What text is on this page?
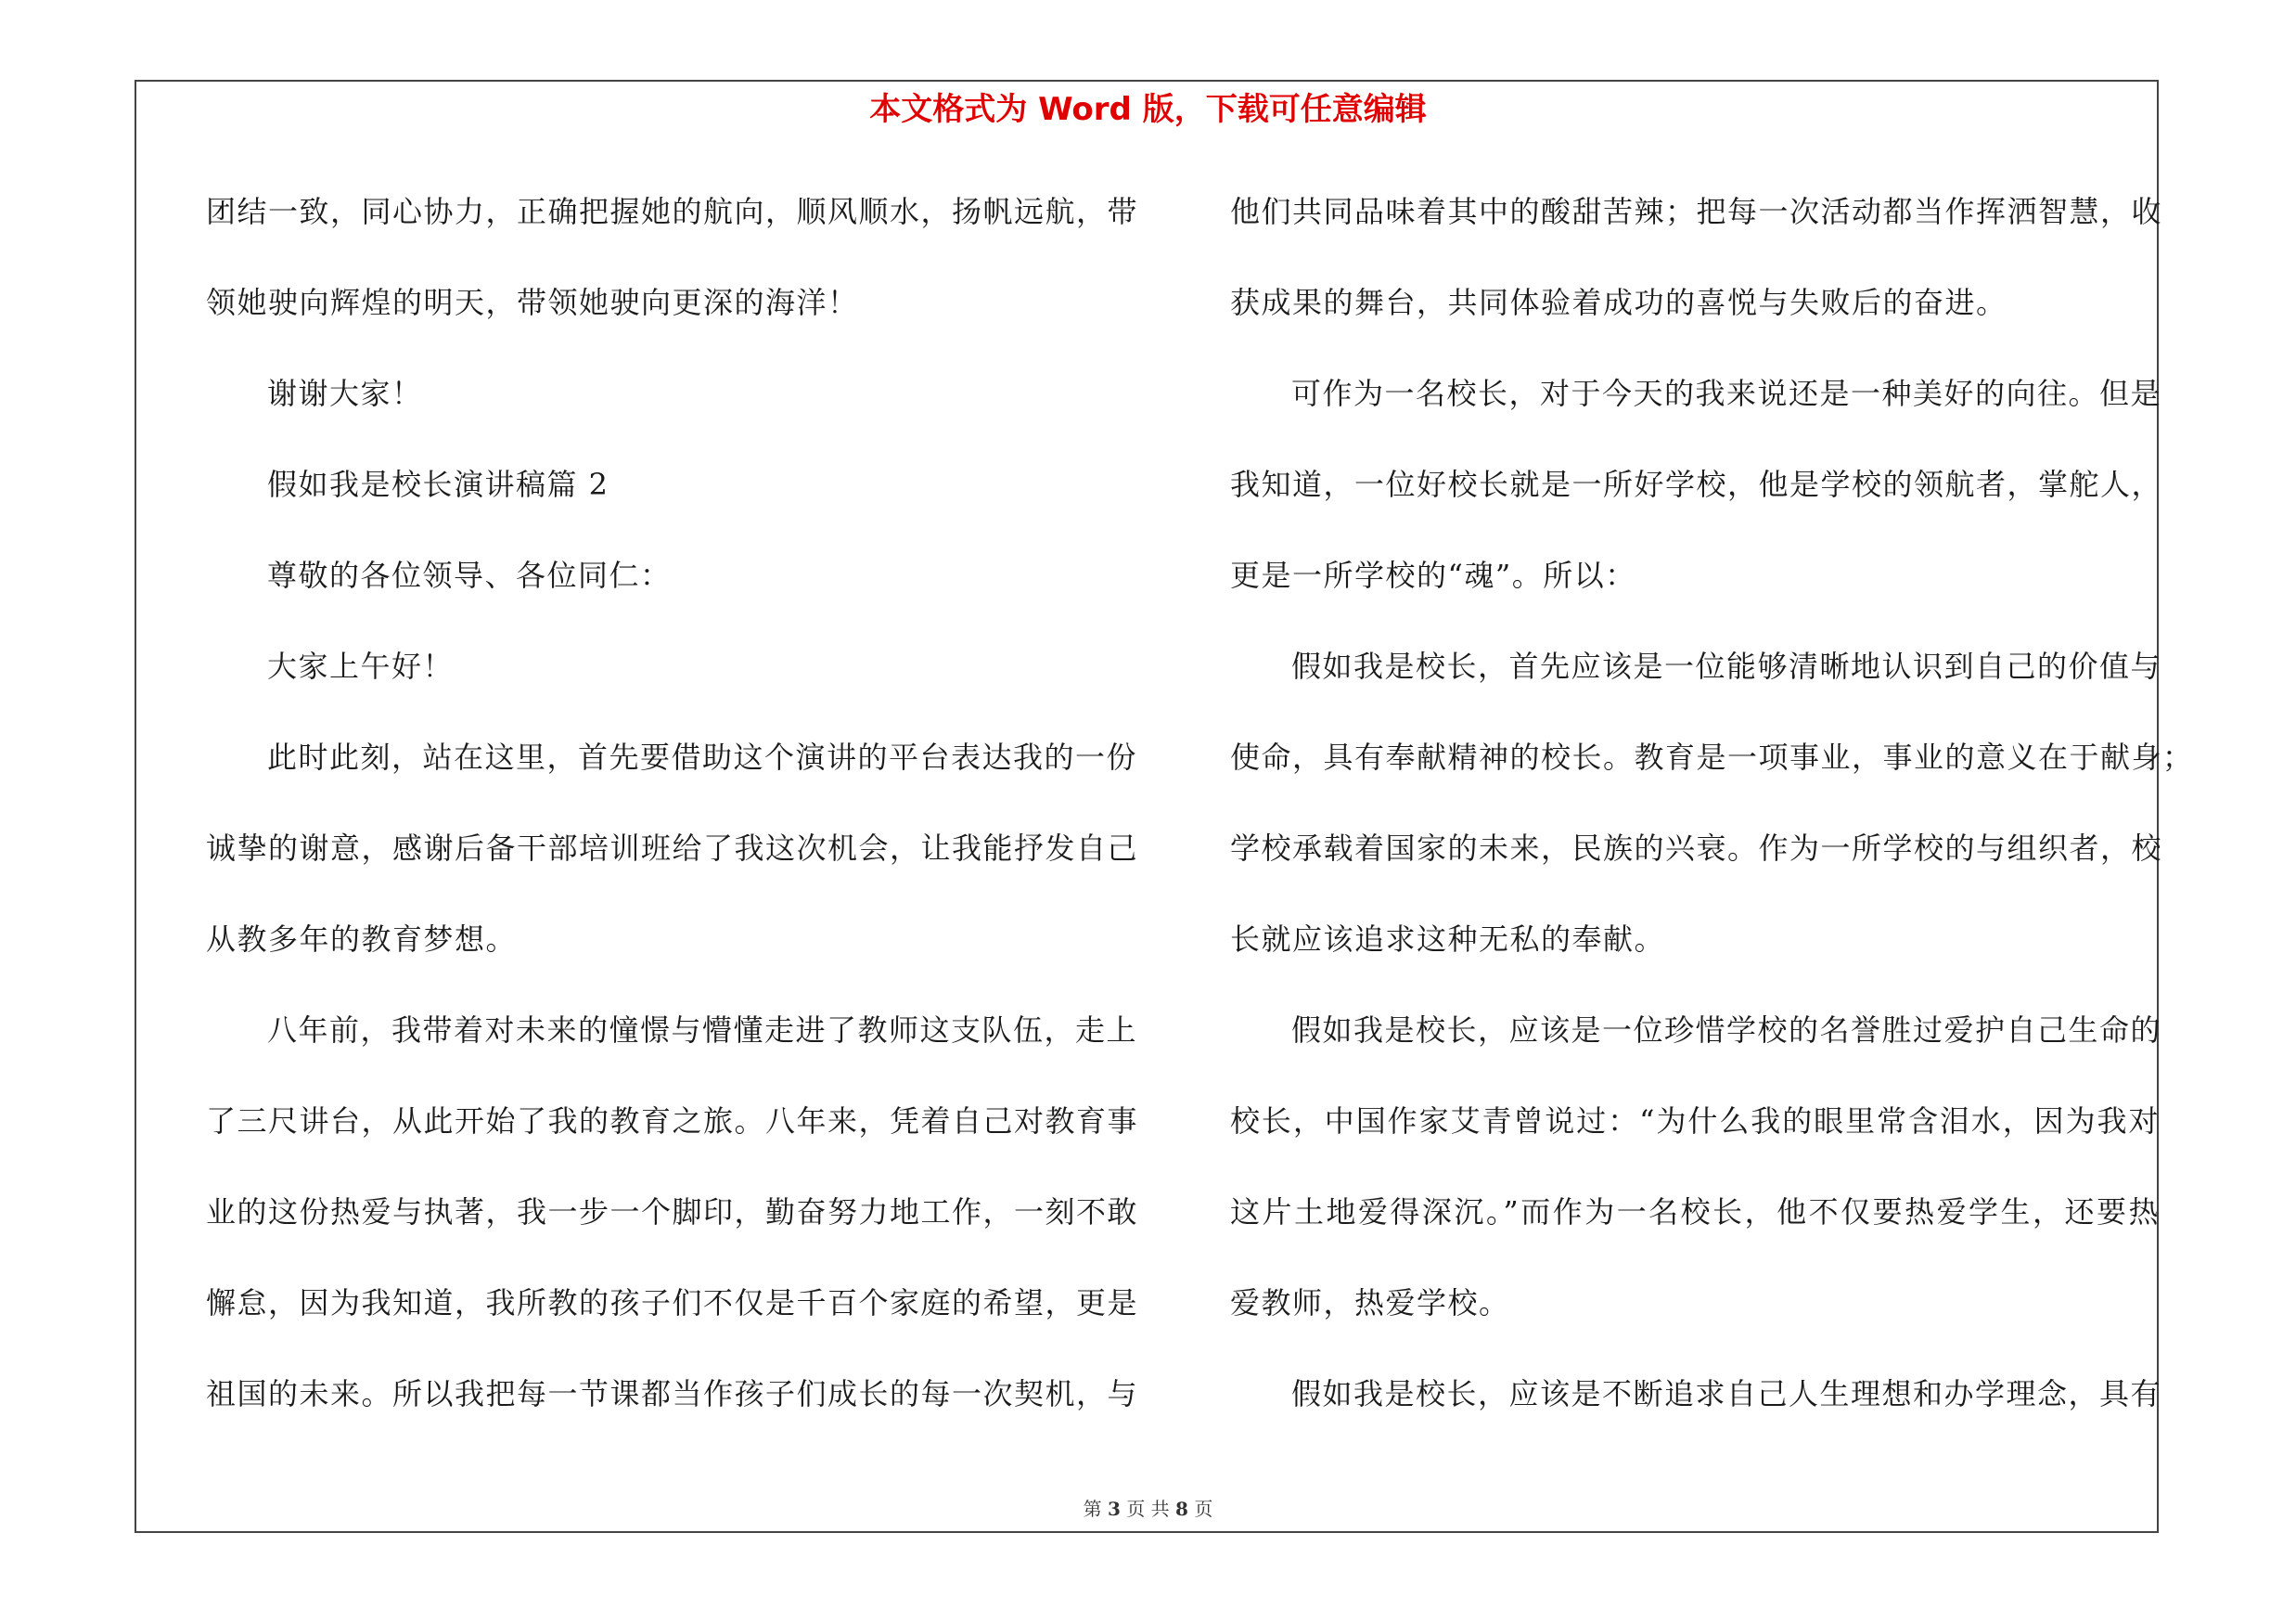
本文格式为 Word 版，下载可任意编辑
团结一致，同心协力，正确把握她的航向，顺风顺水，扬帆远航，带
领她驶向辉煌的明天，带领她驶向更深的海洋！
谢谢大家！
假如我是校长演讲稿篇 2
尊敬的各位领导、各位同仁：
大家上午好！
此时此刻，站在这里，首先要借助这个演讲的平台表达我的一份
诚挚的谢意，感谢后备干部培训班给了我这次机会，让我能抒发自己
从教多年的教育梦想。
八年前，我带着对未来的憧憬与懵懂走进了教师这支队伍，走上
了三尺讲台，从此开始了我的教育之旅。八年来，凭着自己对教育事
业的这份热爱与执著，我一步一个脚印，勤奋努力地工作，一刻不敢
懈怠，因为我知道，我所教的孩子们不仅是千百个家庭的希望，更是
祖国的未来。所以我把每一节课都当作孩子们成长的每一次契机，与
他们共同品味着其中的酸甜苦辣；把每一次活动都当作挥洒智慧，收
获成果的舞台，共同体验着成功的喜悦与失败后的奋进。
可作为一名校长，对于今天的我来说还是一种美好的向往。但是
我知道，一位好校长就是一所好学校，他是学校的领航者，掌舵人，
更是一所学校的“魂”。所以：
假如我是校长，首先应该是一位能够清晰地认识到自己的价值与
使命，具有奉献精神的校长。教育是一项事业，事业的意义在于献身；
学校承载着国家的未来，民族的兴衰。作为一所学校的与组织者，校
长就应该追求这种无私的奉献。
假如我是校长，应该是一位珍惜学校的名誉胜过爱护自己生命的
校长，中国作家艾青曾说过：“为什么我的眼里常含泪水，因为我对
这片土地爱得深沉。”而作为一名校长，他不仅要热爱学生，还要热
爱教师，热爱学校。
假如我是校长，应该是不断追求自己人生理想和办学理念，具有
第 3 页 共 8 页
